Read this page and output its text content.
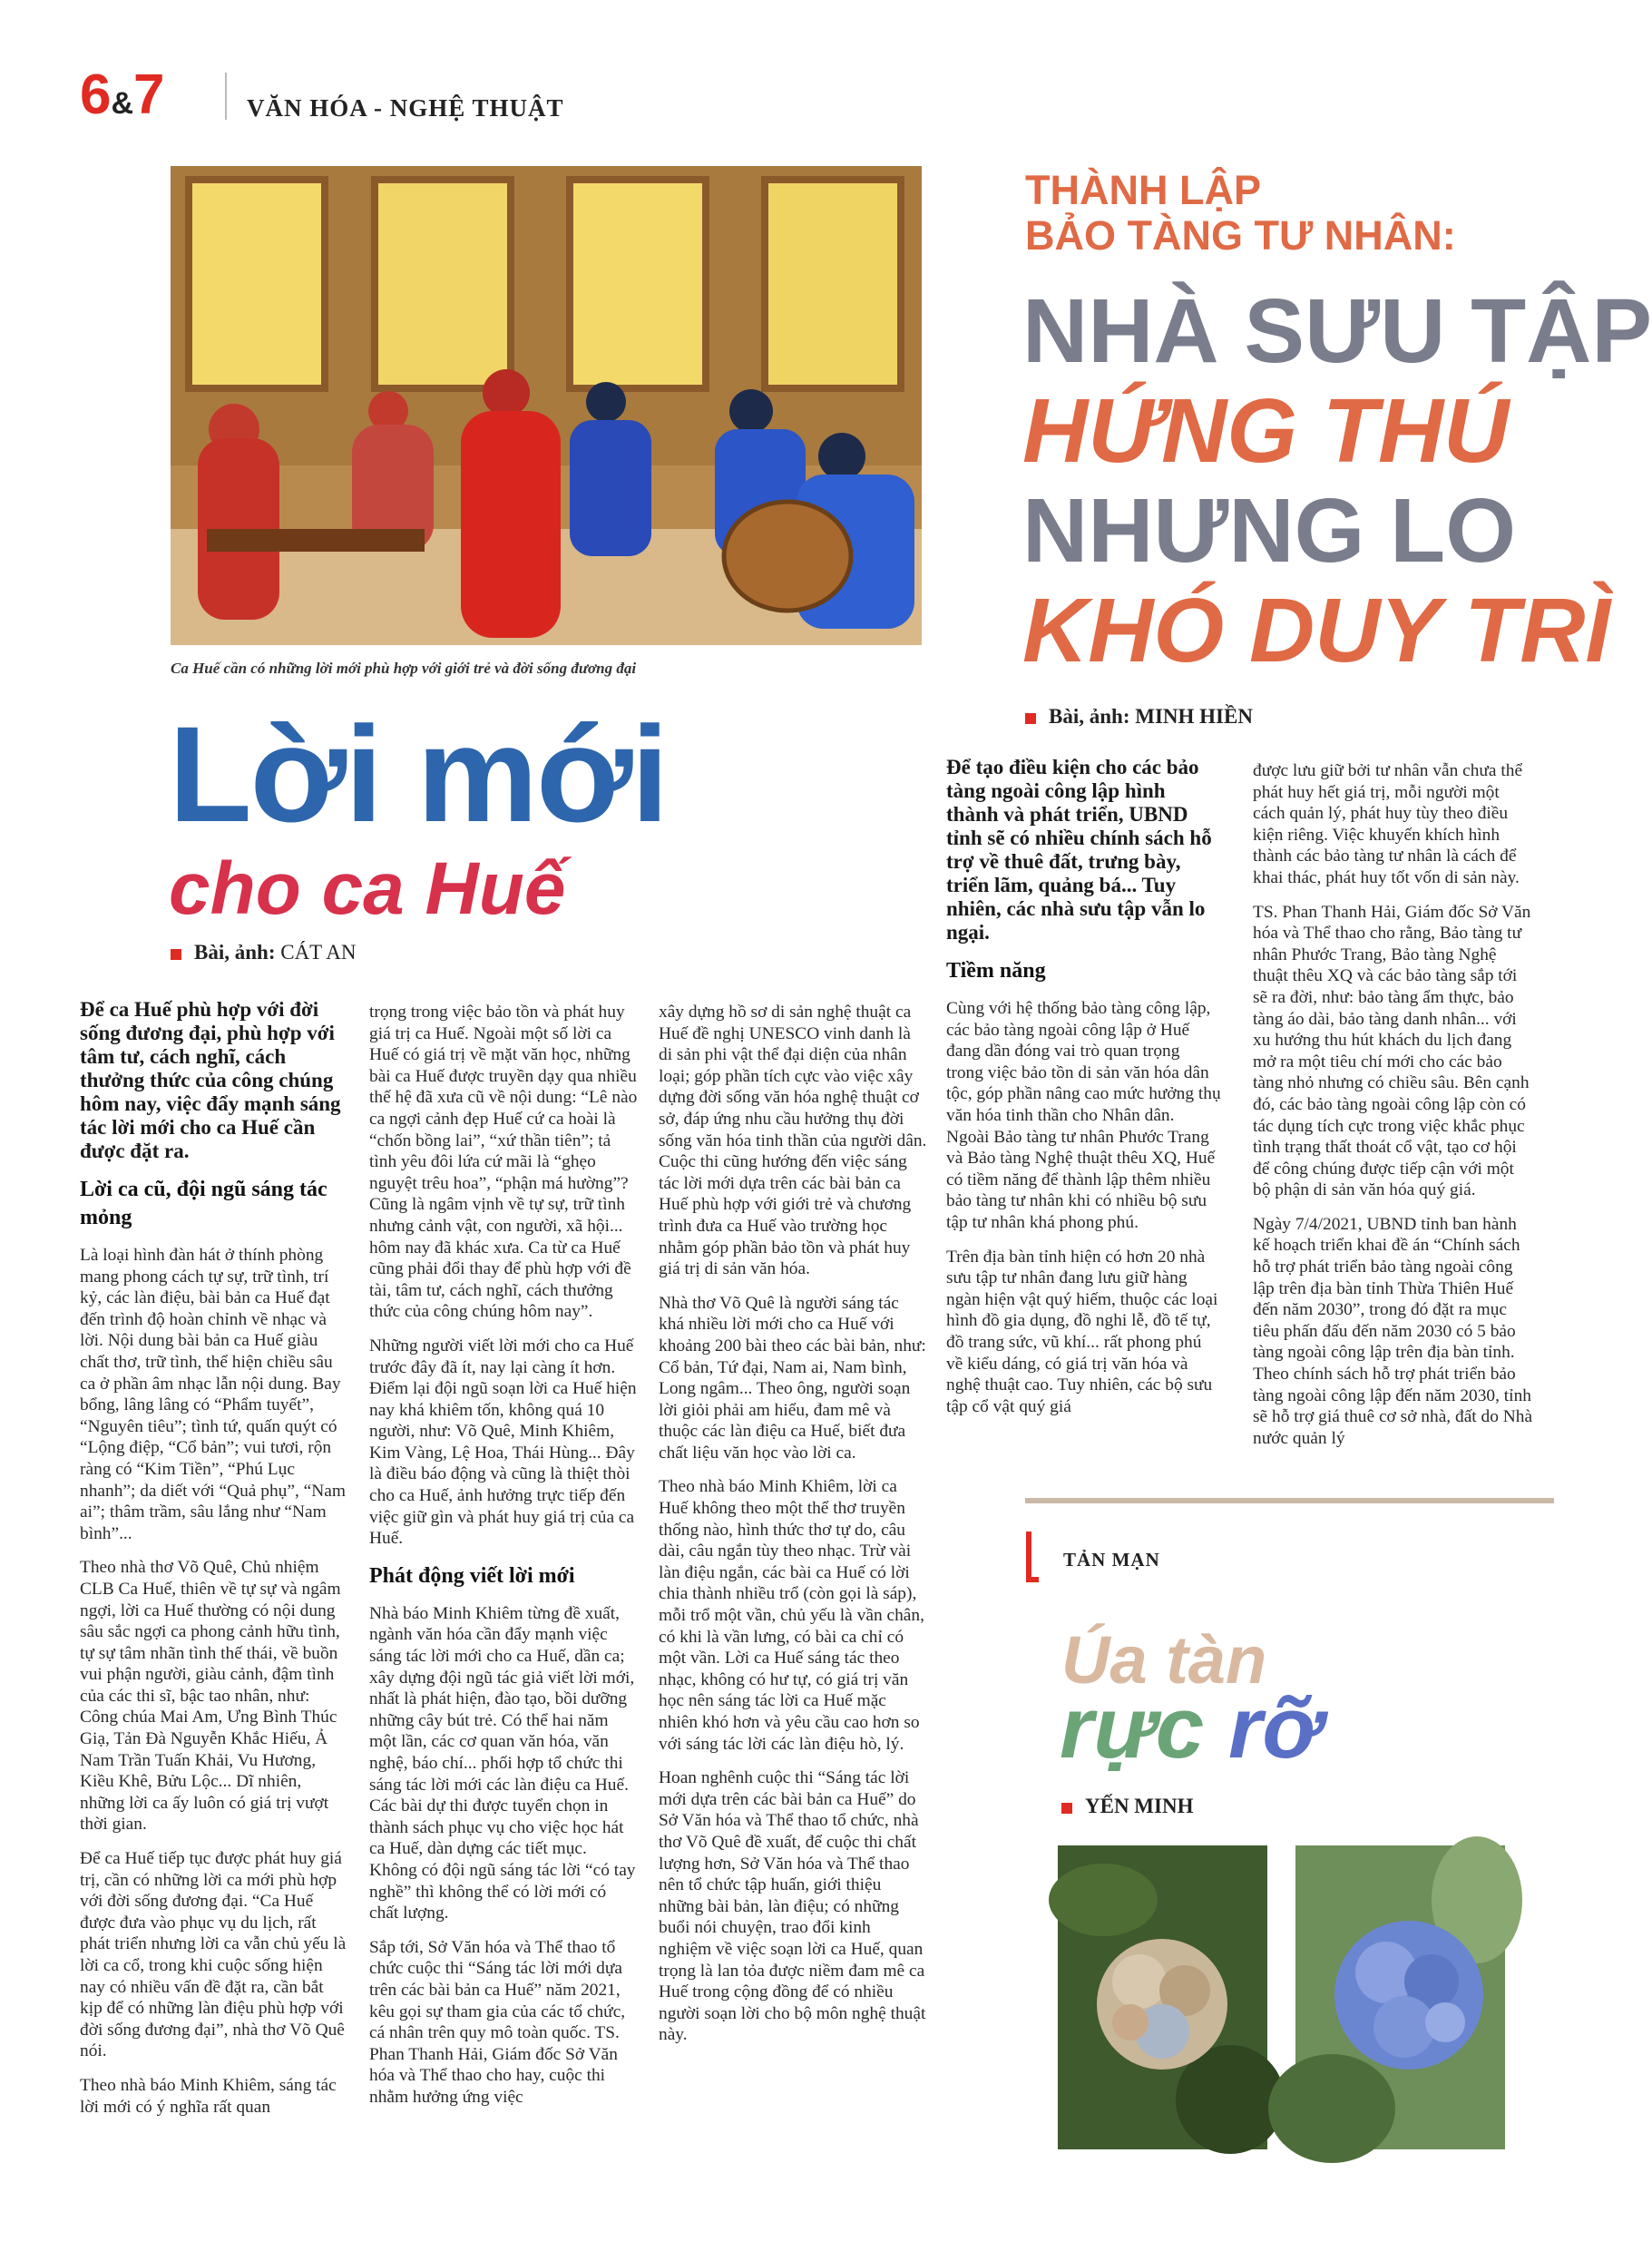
6&7	VĂN HÓA - NGHỆ THUẬT
Ca Huế cần có những lời mới phù hợp với giới trẻ và đời sống đương đại
Lời mới
cho ca Huế
Bài, ảnh: CÁT AN

Để ca Huế phù hợp với đời sống đương đại, phù hợp với tâm tư, cách nghĩ, cách thưởng thức của công chúng hôm nay, việc đẩy mạnh sáng tác lời mới cho ca Huế cần được đặt ra.

Lời ca cũ, đội ngũ sáng tác mỏng

Là loại hình đàn hát ở thính phòng mang phong cách tự sự, trữ tình, trí kỷ, các làn điệu, bài bản ca Huế đạt đến trình độ hoàn chỉnh về nhạc và lời. Nội dung bài bản ca Huế giàu chất thơ, trữ tình, thể hiện chiều sâu ca ở phần âm nhạc lẫn nội dung. Bay bổng, lâng lâng có “Phẩm tuyết”, “Nguyên tiêu”; tình tứ, quấn quýt có “Lộng điệp, “Cổ bản”; vui tươi, rộn ràng có “Kim Tiền”, “Phú Lục nhanh”; da diết với “Quả phụ”, “Nam ai”; thâm trầm, sâu lắng như “Nam bình”...

Theo nhà thơ Võ Quê, Chủ nhiệm CLB Ca Huế, thiên về tự sự và ngâm ngợi, lời ca Huế thường có nội dung sâu sắc ngợi ca phong cảnh hữu tình, tự sự tâm nhãn tình thế thái, về buồn vui phận người, giàu cảnh, đậm tình của các thi sĩ, bậc tao nhân, như: Công chúa Mai Am, Ưng Bình Thúc Giạ, Tản Đà Nguyễn Khắc Hiếu, Ả Nam Trần Tuấn Khải, Vu Hương, Kiều Khê, Bửu Lộc... Dĩ nhiên, những lời ca ấy luôn có giá trị vượt thời gian.

Để ca Huế tiếp tục được phát huy giá trị, cần có những lời ca mới phù hợp với đời sống đương đại. “Ca Huế được đưa vào phục vụ du lịch, rất phát triển nhưng lời ca vẫn chủ yếu là lời ca cổ, trong khi cuộc sống hiện nay có nhiều vấn đề đặt ra, cần bắt kịp để có những làn điệu phù hợp với đời sống đương đại”, nhà thơ Võ Quê nói.

Theo nhà báo Minh Khiêm, sáng tác lời mới có ý nghĩa rất quan

trọng trong việc bảo tồn và phát huy giá trị ca Huế. Ngoài một số lời ca Huế có giá trị về mặt văn học, những bài ca Huế được truyền dạy qua nhiều thế hệ đã xưa cũ về nội dung: “Lê nào ca ngợi cảnh đẹp Huế cứ ca hoài là “chốn bồng lai”, “xứ thần tiên”; tả tình yêu đôi lứa cứ mãi là “ghẹo nguyệt trêu hoa”, “phận má hường”? Cũng là ngâm vịnh về tự sự, trữ tình nhưng cảnh vật, con người, xã hội... hôm nay đã khác xưa. Ca từ ca Huế cũng phải đổi thay để phù hợp với đề tài, tâm tư, cách nghĩ, cách thưởng thức của công chúng hôm nay”.

Những người viết lời mới cho ca Huế trước đây đã ít, nay lại càng ít hơn. Điểm lại đội ngũ soạn lời ca Huế hiện nay khá khiêm tốn, không quá 10 người, như: Võ Quê, Minh Khiêm, Kim Vàng, Lệ Hoa, Thái Hùng... Đây là điều báo động và cũng là thiệt thòi cho ca Huế, ảnh hưởng trực tiếp đến việc giữ gìn và phát huy giá trị của ca Huế.

Phát động viết lời mới

Nhà báo Minh Khiêm từng đề xuất, ngành văn hóa cần đẩy mạnh việc sáng tác lời mới cho ca Huế, dần ca; xây dựng đội ngũ tác giả viết lời mới, nhất là phát hiện, đào tạo, bồi dưỡng những cây bút trẻ. Có thể hai năm một lần, các cơ quan văn hóa, văn nghệ, báo chí... phối hợp tổ chức thi sáng tác lời mới các làn điệu ca Huế. Các bài dự thi được tuyển chọn in thành sách phục vụ cho việc học hát ca Huế, dàn dựng các tiết mục. Không có đội ngũ sáng tác lời “có tay nghề” thì không thể có lời mới có chất lượng.

Sắp tới, Sở Văn hóa và Thể thao tổ chức cuộc thi “Sáng tác lời mới dựa trên các bài bản ca Huế” năm 2021, kêu gọi sự tham gia của các tổ chức, cá nhân trên quy mô toàn quốc. TS. Phan Thanh Hải, Giám đốc Sở Văn hóa và Thể thao cho hay, cuộc thi nhằm hưởng ứng việc

xây dựng hồ sơ di sản nghệ thuật ca Huế đề nghị UNESCO vinh danh là di sản phi vật thể đại diện của nhân loại; góp phần tích cực vào việc xây dựng đời sống văn hóa nghệ thuật cơ sở, đáp ứng nhu cầu hưởng thụ đời sống văn hóa tinh thần của người dân. Cuộc thi cũng hướng đến việc sáng tác lời mới dựa trên các bài bản ca Huế phù hợp với giới trẻ và chương trình đưa ca Huế vào trường học nhằm góp phần bảo tồn và phát huy giá trị di sản văn hóa.

Nhà thơ Võ Quê là người sáng tác khá nhiều lời mới cho ca Huế với khoảng 200 bài theo các bài bản, như: Cổ bản, Tứ đại, Nam ai, Nam bình, Long ngâm... Theo ông, người soạn lời giỏi phải am hiểu, đam mê và thuộc các làn điệu ca Huế, biết đưa chất liệu văn học vào lời ca.

Theo nhà báo Minh Khiêm, lời ca Huế không theo một thể thơ truyền thống nào, hình thức thơ tự do, câu dài, câu ngắn tùy theo nhạc. Trừ vài làn điệu ngắn, các bài ca Huế có lời chia thành nhiều trổ (còn gọi là sáp), mỗi trổ một vần, chủ yếu là vần chân, có khi là vần lưng, có bài ca chỉ có một vần. Lời ca Huế sáng tác theo nhạc, không có hư tự, có giá trị văn học nên sáng tác lời ca Huế mặc nhiên khó hơn và yêu cầu cao hơn so với sáng tác lời các làn điệu hò, lý.

Hoan nghênh cuộc thi “Sáng tác lời mới dựa trên các bài bản ca Huế” do Sở Văn hóa và Thể thao tổ chức, nhà thơ Võ Quê đề xuất, để cuộc thi chất lượng hơn, Sở Văn hóa và Thể thao nên tổ chức tập huấn, giới thiệu những bài bản, làn điệu; có những buổi nói chuyện, trao đổi kinh nghiệm về việc soạn lời ca Huế, quan trọng là lan tỏa được niềm đam mê ca Huế trong cộng đồng để có nhiều người soạn lời cho bộ môn nghệ thuật này.

THÀNH LẬP
BẢO TÀNG TƯ NHÂN:
NHÀ SƯU TẬP
HỨNG THÚ
NHƯNG LO
KHÓ DUY TRÌ
Bài, ảnh: MINH HIỀN

Để tạo điều kiện cho các bảo tàng ngoài công lập hình thành và phát triển, UBND tỉnh sẽ có nhiều chính sách hỗ trợ về thuê đất, trưng bày, triển lãm, quảng bá... Tuy nhiên, các nhà sưu tập vẫn lo ngại.

Tiềm năng

Cùng với hệ thống bảo tàng công lập, các bảo tàng ngoài công lập ở Huế đang dần đóng vai trò quan trọng trong việc bảo tồn di sản văn hóa dân tộc, góp phần nâng cao mức hưởng thụ văn hóa tinh thần cho Nhân dân. Ngoài Bảo tàng tư nhân Phước Trang và Bảo tàng Nghệ thuật thêu XQ, Huế có tiềm năng để thành lập thêm nhiều bảo tàng tư nhân khi có nhiều bộ sưu tập tư nhân khá phong phú.

Trên địa bàn tỉnh hiện có hơn 20 nhà sưu tập tư nhân đang lưu giữ hàng ngàn hiện vật quý hiếm, thuộc các loại hình đồ gia dụng, đồ nghi lễ, đồ tế tự, đồ trang sức, vũ khí... rất phong phú về kiểu dáng, có giá trị văn hóa và nghệ thuật cao. Tuy nhiên, các bộ sưu tập cổ vật quý giá

được lưu giữ bởi tư nhân vẫn chưa thể phát huy hết giá trị, mỗi người một cách quản lý, phát huy tùy theo điều kiện riêng. Việc khuyến khích hình thành các bảo tàng tư nhân là cách để khai thác, phát huy tốt vốn di sản này.

TS. Phan Thanh Hải, Giám đốc Sở Văn hóa và Thể thao cho rằng, Bảo tàng tư nhân Phước Trang, Bảo tàng Nghệ thuật thêu XQ và các bảo tàng sắp tới sẽ ra đời, như: bảo tàng ẩm thực, bảo tàng áo dài, bảo tàng danh nhân... với xu hướng thu hút khách du lịch đang mở ra một tiêu chí mới cho các bảo tàng nhỏ nhưng có chiều sâu. Bên cạnh đó, các bảo tàng ngoài công lập còn có tác dụng tích cực trong việc khắc phục tình trạng thất thoát cổ vật, tạo cơ hội để công chúng được tiếp cận với một bộ phận di sản văn hóa quý giá.

Ngày 7/4/2021, UBND tỉnh ban hành kế hoạch triển khai đề án “Chính sách hỗ trợ phát triển bảo tàng ngoài công lập trên địa bàn tỉnh Thừa Thiên Huế đến năm 2030”, trong đó đặt ra mục tiêu phấn đấu đến năm 2030 có 5 bảo tàng ngoài công lập trên địa bàn tỉnh. Theo chính sách hỗ trợ phát triển bảo tàng ngoài công lập đến năm 2030, tỉnh sẽ hỗ trợ giá thuê cơ sở nhà, đất do Nhà nước quản lý

TẢN MẠN
Úa tàn
rực rỡ
YẾN MINH
